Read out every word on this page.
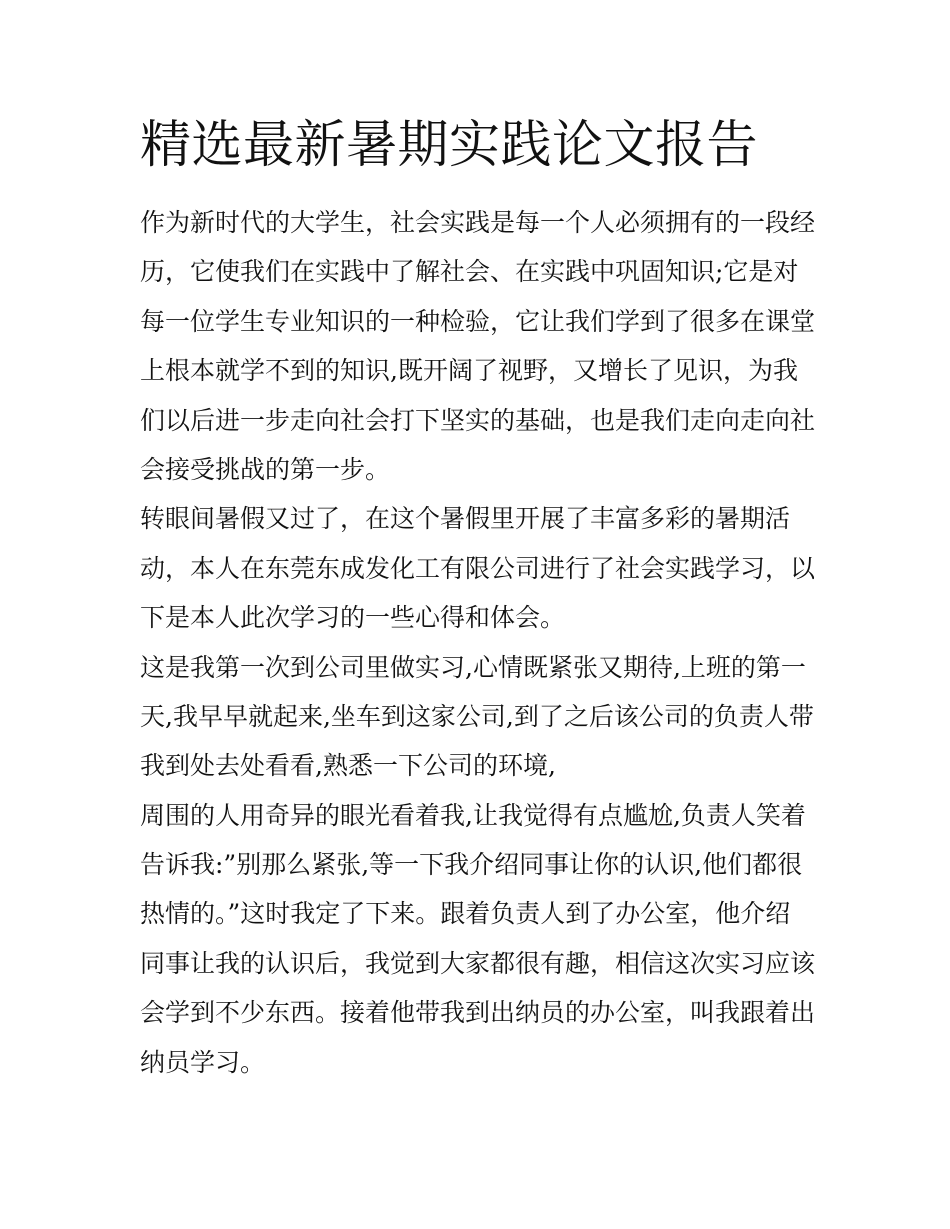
精选最新暑期实践论文报告
作为新时代的大学生，社会实践是每一个人必须拥有的一段经
历，它使我们在实践中了解社会、在实践中巩固知识;它是对
每一位学生专业知识的一种检验，它让我们学到了很多在课堂
上根本就学不到的知识,既开阔了视野，又增长了见识，为我
们以后进一步走向社会打下坚实的基础，也是我们走向走向社
会接受挑战的第一步。
转眼间暑假又过了，在这个暑假里开展了丰富多彩的暑期活
动，本人在东莞东成发化工有限公司进行了社会实践学习，以
下是本人此次学习的一些心得和体会。
这是我第一次到公司里做实习,心情既紧张又期待,上班的第一
天,我早早就起来,坐车到这家公司,到了之后该公司的负责人带
我到处去处看看,熟悉一下公司的环境,
周围的人用奇异的眼光看着我,让我觉得有点尴尬,负责人笑着
告诉我:”别那么紧张,等一下我介绍同事让你的认识,他们都很
热情的。”这时我定了下来。跟着负责人到了办公室，他介绍
同事让我的认识后，我觉到大家都很有趣，相信这次实习应该
会学到不少东西。接着他带我到出纳员的办公室，叫我跟着出
纳员学习。
